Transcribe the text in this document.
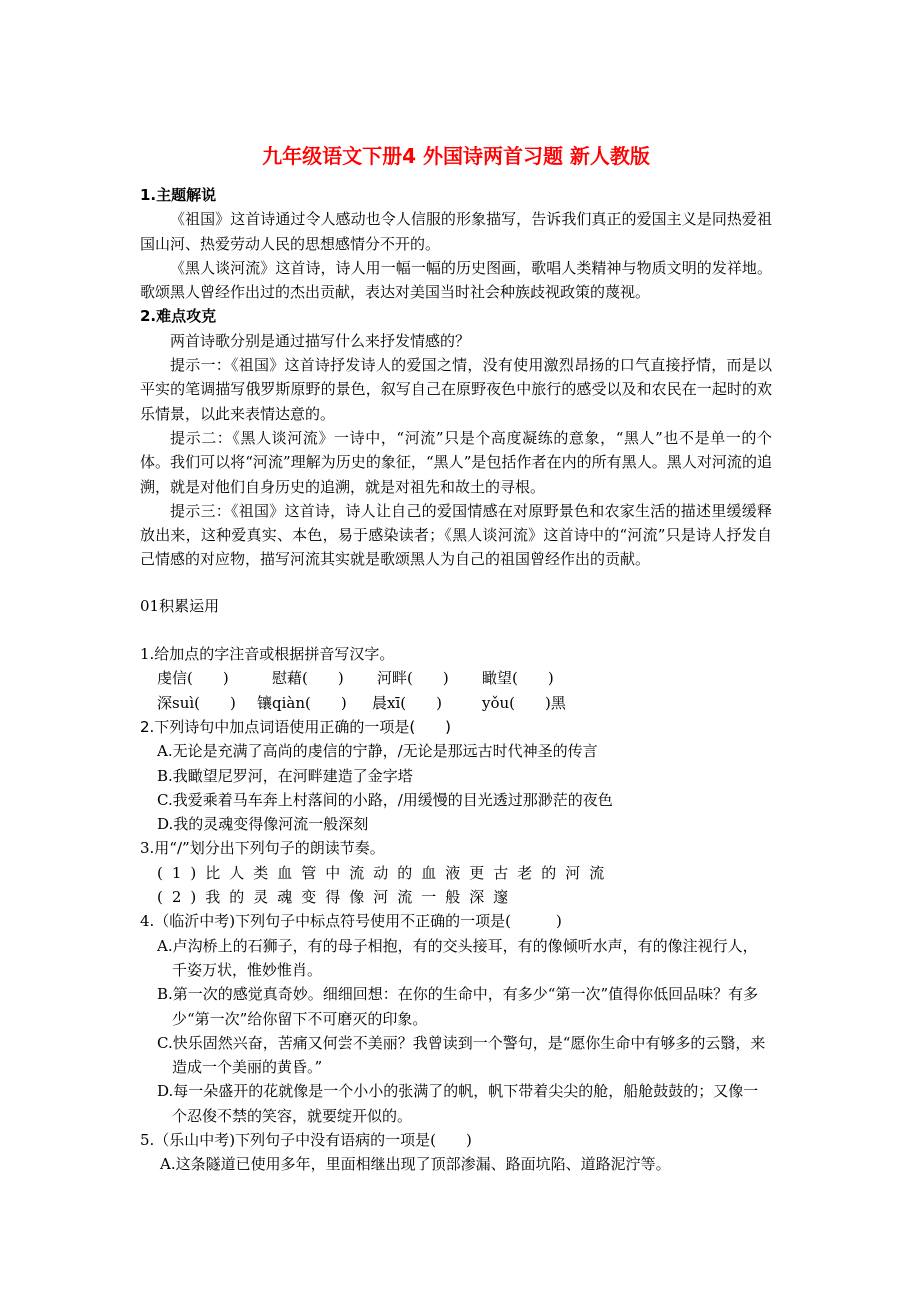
九年级语文下册4 外国诗两首习题 新人教版
1.主题解说
《祖国》这首诗通过令人感动也令人信服的形象描写，告诉我们真正的爱国主义是同热爱祖国山河、热爱劳动人民的思想感情分不开的。
《黑人谈河流》这首诗，诗人用一幅一幅的历史图画，歌唱人类精神与物质文明的发祥地。歌颂黑人曾经作出过的杰出贡献，表达对美国当时社会种族歧视政策的蔑视。
2.难点攻克
两首诗歌分别是通过描写什么来抒发情感的？
提示一：《祖国》这首诗抒发诗人的爱国之情，没有使用激烈昂扬的口气直接抒情，而是以平实的笔调描写俄罗斯原野的景色，叙写自己在原野夜色中旅行的感受以及和农民在一起时的欢乐情景，以此来表情达意的。
提示二：《黑人谈河流》一诗中，“河流”只是个高度凝练的意象，“黑人”也不是单一的个体。我们可以将“河流”理解为历史的象征，“黑人”是包括作者在内的所有黑人。黑人对河流的追溯，就是对他们自身历史的追溯，就是对祖先和故土的寻根。
提示三：《祖国》这首诗，诗人让自己的爱国情感在对原野景色和农家生活的描述里缓缓释放出来，这种爱真实、本色，易于感染读者；《黑人谈河流》这首诗中的“河流”只是诗人抒发自己情感的对应物，描写河流其实就是歌颂黑人为自己的祖国曾经作出的贡献。
01积累运用
1.给加点的字注音或根据拼音写汉字。
虔信(　　)	慰藉(　　)	河畔(　　)	瞰望(　　)
深suì(　　)	镶qiàn(　　)	晨xī(　　)	yǒu(　　)黑
2.下列诗句中加点词语使用正确的一项是(　　)
A.无论是充满了高尚的虔信的宁静，/无论是那远古时代神圣的传言
B.我瞰望尼罗河，在河畔建造了金字塔
C.我爱乘着马车奔上村落间的小路，/用缓慢的目光透过那渺茫的夜色
D.我的灵魂变得像河流一般深刻
3.用“/”划分出下列句子的朗读节奏。
(1)比人类血管中流动的血液更古老的河流
(2)我的灵魂变得像河流一般深邃
4.（临沂中考)下列句子中标点符号使用不正确的一项是(　　　)
A.卢沟桥上的石狮子，有的母子相抱，有的交头接耳，有的像倾听水声，有的像注视行人，千姿万状，惟妙惟肖。
B.第一次的感觉真奇妙。细细回想：在你的生命中，有多少“第一次”值得你低回品味？有多少“第一次”给你留下不可磨灭的印象。
C.快乐固然兴奋，苦痛又何尝不美丽？我曾读到一个警句，是“愿你生命中有够多的云翳，来造成一个美丽的黄昏。”
D.每一朵盛开的花就像是一个小小的张满了的帆，帆下带着尖尖的舱，船舱鼓鼓的；又像一个忍俊不禁的笑容，就要绽开似的。
5.（乐山中考)下列句子中没有语病的一项是(　　)
A.这条隧道已使用多年，里面相继出现了顶部渗漏、路面坑陷、道路泥泞等。
